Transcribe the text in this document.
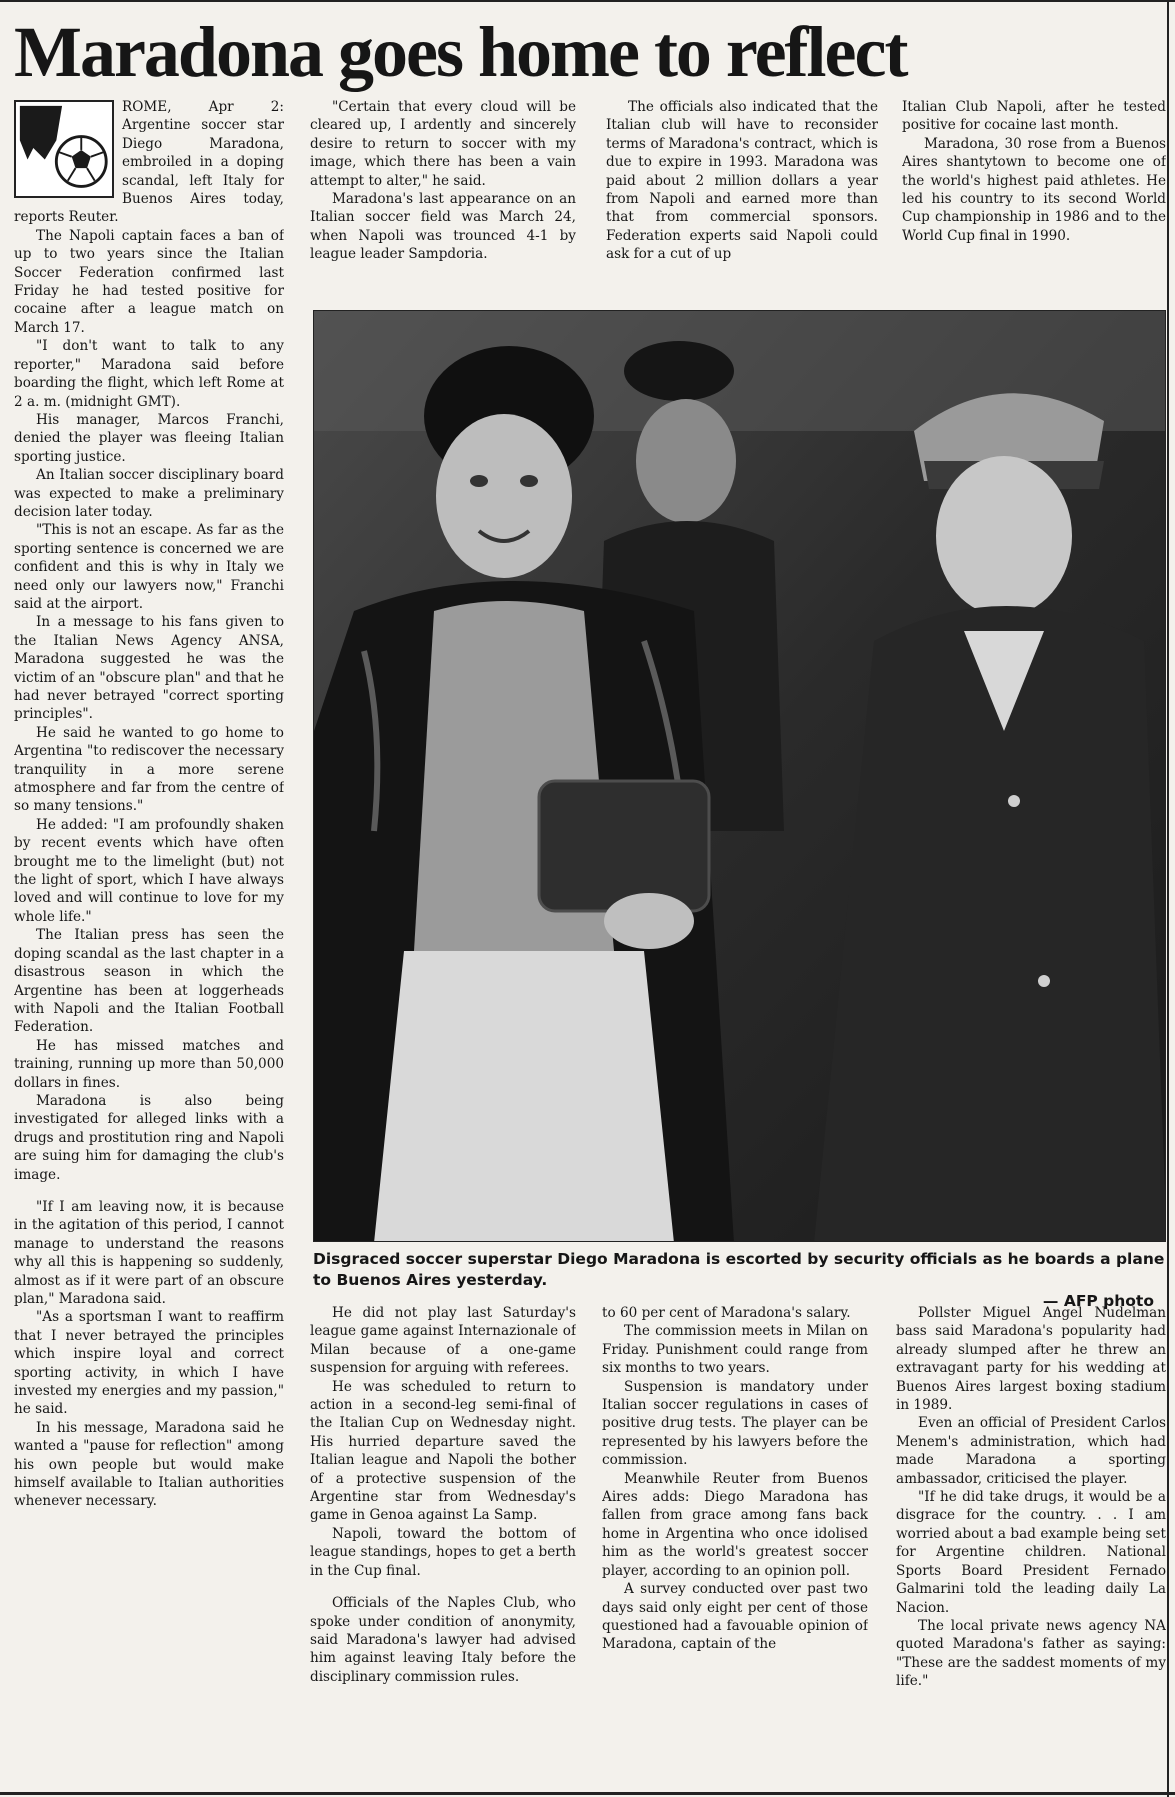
Maradona goes home to reflect

ROME, Apr 2: Argentine soccer star Diego Maradona, embroiled in a doping scandal, left Italy for Buenos Aires today, reports Reuter.

The Napoli captain faces a ban of up to two years since the Italian Soccer Federation confirmed last Friday he had tested positive for cocaine after a league match on March 17.

"I don't want to talk to any reporter," Maradona said before boarding the flight, which left Rome at 2 a. m. (midnight GMT).

His manager, Marcos Franchi, denied the player was fleeing Italian sporting justice.

An Italian soccer disciplinary board was expected to make a preliminary decision later today.

"This is not an escape. As far as the sporting sentence is concerned we are confident and this is why in Italy we need only our lawyers now," Franchi said at the airport.

In a message to his fans given to the Italian News Agency ANSA, Maradona suggested he was the victim of an "obscure plan" and that he had never betrayed "correct sporting principles".

He said he wanted to go home to Argentina "to rediscover the necessary tranquility in a more serene atmosphere and far from the centre of so many tensions."

He added: "I am profoundly shaken by recent events which have often brought me to the limelight (but) not the light of sport, which I have always loved and will continue to love for my whole life."

The Italian press has seen the doping scandal as the last chapter in a disastrous season in which the Argentine has been at loggerheads with Napoli and the Italian Football Federation.

He has missed matches and training, running up more than 50,000 dollars in fines.

Maradona is also being investigated for alleged links with a drugs and prostitution ring and Napoli are suing him for damaging the club's image.

"If I am leaving now, it is because in the agitation of this period, I cannot manage to understand the reasons why all this is happening so suddenly, almost as if it were part of an obscure plan," Maradona said.

"As a sportsman I want to reaffirm that I never betrayed the principles which inspire loyal and correct sporting activity, in which I have invested my energies and my passion," he said.

In his message, Maradona said he wanted a "pause for reflection" among his own people but would make himself available to Italian authorities whenever necessary.

"Certain that every cloud will be cleared up, I ardently and sincerely desire to return to soccer with my image, which there has been a vain attempt to alter," he said.

Maradona's last appearance on an Italian soccer field was March 24, when Napoli was trounced 4-1 by league leader Sampdoria.

The officials also indicated that the Italian club will have to reconsider terms of Maradona's contract, which is due to expire in 1993. Maradona was paid about 2 million dollars a year from Napoli and earned more than that from commercial sponsors. Federation experts said Napoli could ask for a cut of up

Italian Club Napoli, after he tested positive for cocaine last month.

Maradona, 30 rose from a Buenos Aires shantytown to become one of the world's highest paid athletes. He led his country to its second World Cup championship in 1986 and to the World Cup final in 1990.

Disgraced soccer superstar Diego Maradona is escorted by security officials as he boards a plane to Buenos Aires yesterday.

— AFP photo

He did not play last Saturday's league game against Internazionale of Milan because of a one-game suspension for arguing with referees.

He was scheduled to return to action in a second-leg semi-final of the Italian Cup on Wednesday night. His hurried departure saved the Italian league and Napoli the bother of a protective suspension of the Argentine star from Wednesday's game in Genoa against La Samp.

Napoli, toward the bottom of league standings, hopes to get a berth in the Cup final.

Officials of the Naples Club, who spoke under condition of anonymity, said Maradona's lawyer had advised him against leaving Italy before the disciplinary commission rules.

to 60 per cent of Maradona's salary.

The commission meets in Milan on Friday. Punishment could range from six months to two years.

Suspension is mandatory under Italian soccer regulations in cases of positive drug tests. The player can be represented by his lawyers before the commission.

Meanwhile Reuter from Buenos Aires adds: Diego Maradona has fallen from grace among fans back home in Argentina who once idolised him as the world's greatest soccer player, according to an opinion poll.

A survey conducted over past two days said only eight per cent of those questioned had a favouable opinion of Maradona, captain of the

Pollster Miguel Angel Nudelman bass said Maradona's popularity had already slumped after he threw an extravagant party for his wedding at Buenos Aires largest boxing stadium in 1989.

Even an official of President Carlos Menem's administration, which had made Maradona a sporting ambassador, criticised the player.

"If he did take drugs, it would be a disgrace for the country. . . I am worried about a bad example being set for Argentine children. National Sports Board President Fernado Galmarini told the leading daily La Nacion.

The local private news agency NA quoted Maradona's father as saying: "These are the saddest moments of my life."
